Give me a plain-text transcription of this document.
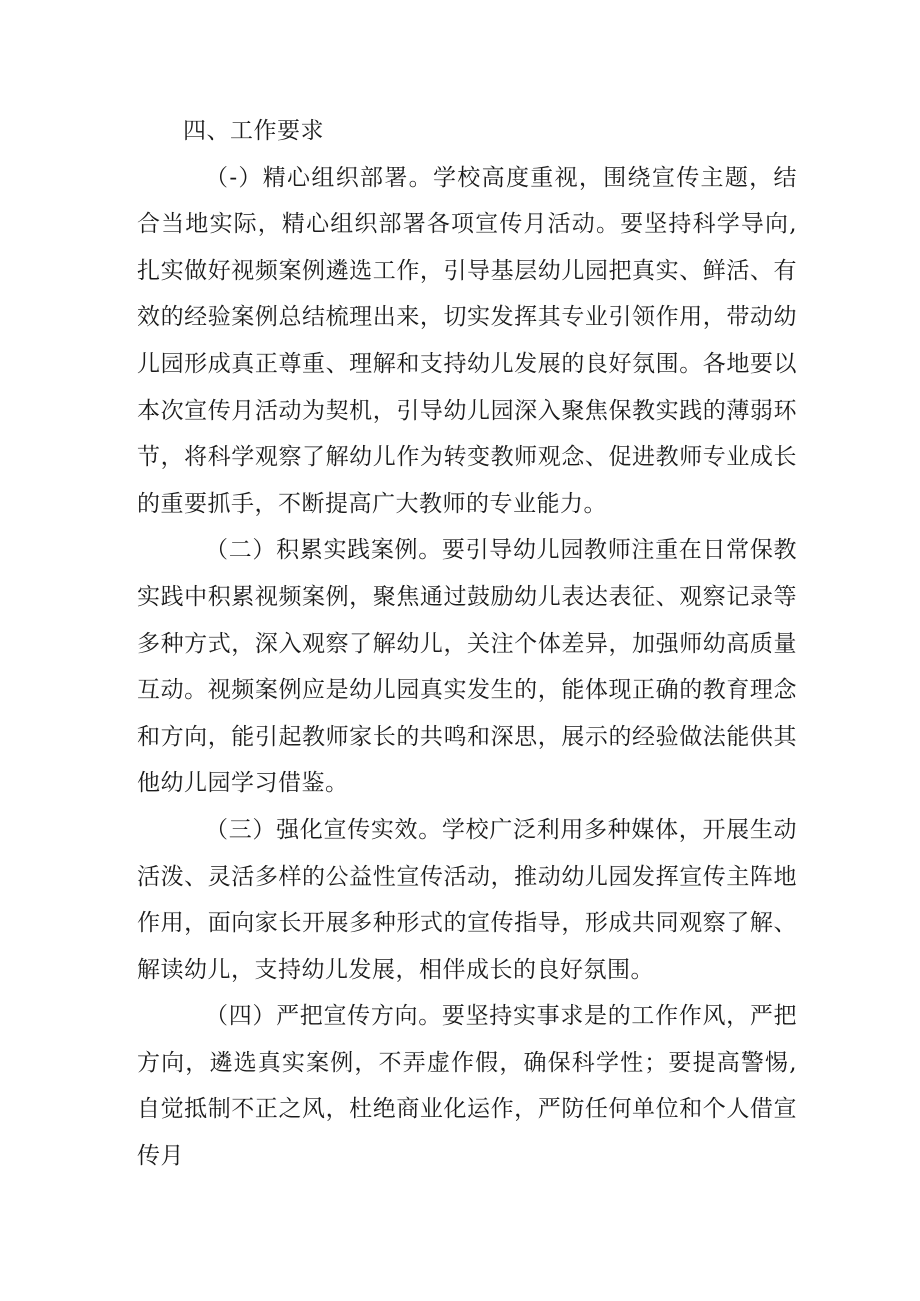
四、工作要求

（-）精心组织部署。学校高度重视，围绕宣传主题，结合当地实际，精心组织部署各项宣传月活动。要坚持科学导向,扎实做好视频案例遴选工作，引导基层幼儿园把真实、鲜活、有效的经验案例总结梳理出来，切实发挥其专业引领作用，带动幼儿园形成真正尊重、理解和支持幼儿发展的良好氛围。各地要以本次宣传月活动为契机，引导幼儿园深入聚焦保教实践的薄弱环节，将科学观察了解幼儿作为转变教师观念、促进教师专业成长的重要抓手，不断提高广大教师的专业能力。

（二）积累实践案例。要引导幼儿园教师注重在日常保教实践中积累视频案例，聚焦通过鼓励幼儿表达表征、观察记录等多种方式，深入观察了解幼儿，关注个体差异，加强师幼高质量互动。视频案例应是幼儿园真实发生的，能体现正确的教育理念和方向，能引起教师家长的共鸣和深思，展示的经验做法能供其他幼儿园学习借鉴。

（三）强化宣传实效。学校广泛利用多种媒体，开展生动活泼、灵活多样的公益性宣传活动，推动幼儿园发挥宣传主阵地作用，面向家长开展多种形式的宣传指导，形成共同观察了解、解读幼儿，支持幼儿发展，相伴成长的良好氛围。

（四）严把宣传方向。要坚持实事求是的工作作风，严把方向，遴选真实案例，不弄虚作假，确保科学性；要提高警惕,自觉抵制不正之风，杜绝商业化运作，严防任何单位和个人借宣传月
